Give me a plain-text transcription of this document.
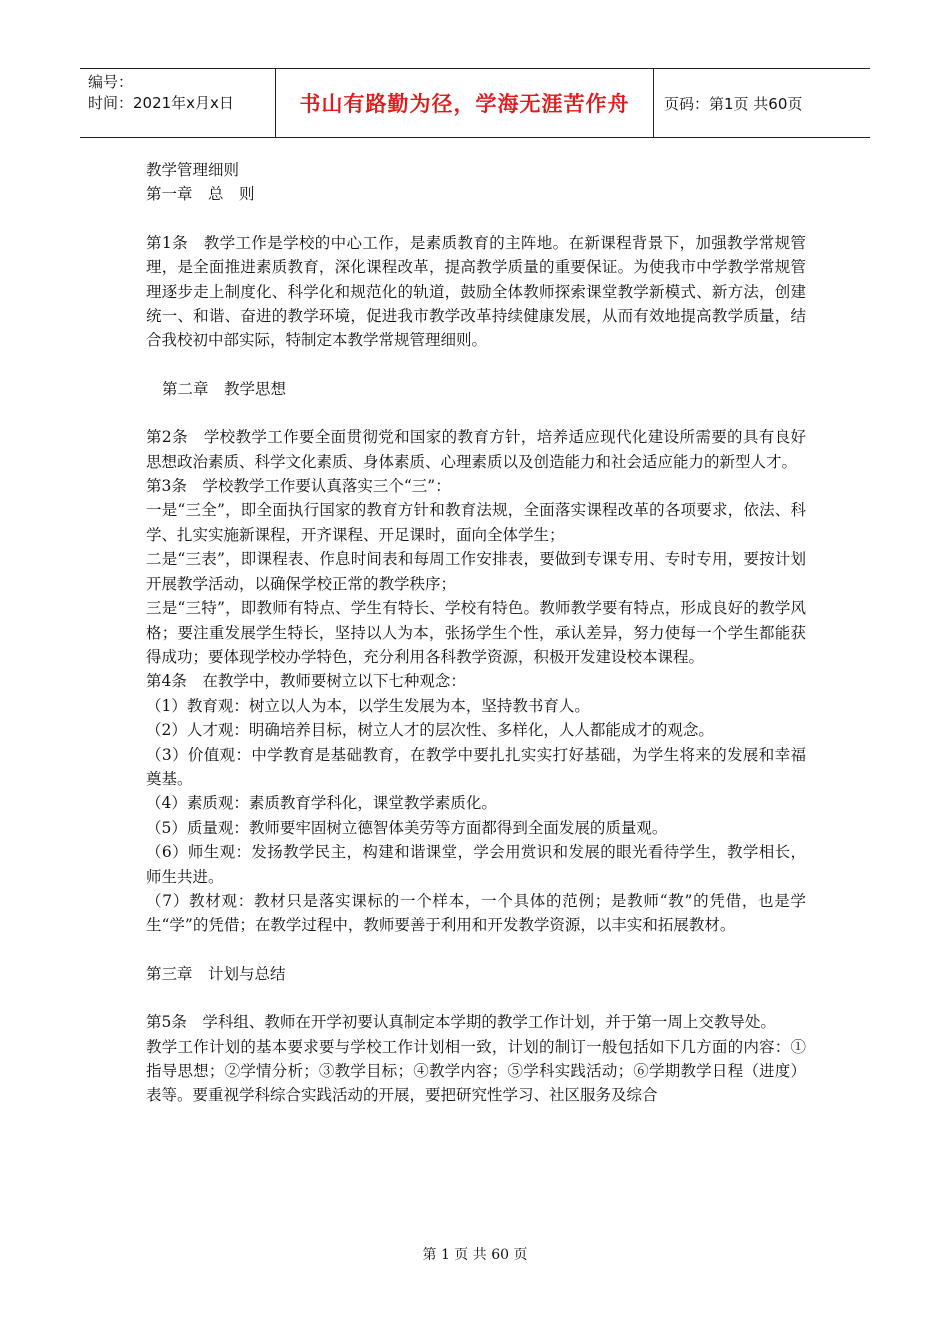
编号：
时间：2021年x月x日	书山有路勤为径，学海无涯苦作舟 页码：第1页 共60页

教学管理细则

第一章　总　则

第1条　教学工作是学校的中心工作，是素质教育的主阵地。在新课程背景下，加强教学常规管理，是全面推进素质教育，深化课程改革，提高教学质量的重要保证。为使我市中学教学常规管理逐步走上制度化、科学化和规范化的轨道，鼓励全体教师探索课堂教学新模式、新方法，创建统一、和谐、奋进的教学环境，促进我市教学改革持续健康发展，从而有效地提高教学质量，结合我校初中部实际，特制定本教学常规管理细则。

第二章　教学思想

第2条　学校教学工作要全面贯彻党和国家的教育方针，培养适应现代化建设所需要的具有良好思想政治素质、科学文化素质、身体素质、心理素质以及创造能力和社会适应能力的新型人才。

第3条　学校教学工作要认真落实三个“三”：

一是“三全”，即全面执行国家的教育方针和教育法规，全面落实课程改革的各项要求，依法、科学、扎实实施新课程，开齐课程、开足课时，面向全体学生；

二是“三表”，即课程表、作息时间表和每周工作安排表，要做到专课专用、专时专用，要按计划开展教学活动，以确保学校正常的教学秩序；

三是“三特”，即教师有特点、学生有特长、学校有特色。教师教学要有特点，形成良好的教学风格；要注重发展学生特长，坚持以人为本，张扬学生个性，承认差异，努力使每一个学生都能获得成功；要体现学校办学特色，充分利用各科教学资源，积极开发建设校本课程。

第4条　在教学中，教师要树立以下七种观念：

（1）教育观：树立以人为本，以学生发展为本，坚持教书育人。

（2）人才观：明确培养目标，树立人才的层次性、多样化，人人都能成才的观念。

（3）价值观：中学教育是基础教育，在教学中要扎扎实实打好基础，为学生将来的发展和幸福奠基。

（4）素质观：素质教育学科化，课堂教学素质化。

（5）质量观：教师要牢固树立德智体美劳等方面都得到全面发展的质量观。

（6）师生观：发扬教学民主，构建和谐课堂，学会用赏识和发展的眼光看待学生，教学相长，师生共进。

（7）教材观：教材只是落实课标的一个样本，一个具体的范例；是教师“教”的凭借，也是学生“学”的凭借；在教学过程中，教师要善于利用和开发教学资源，以丰实和拓展教材。

第三章　计划与总结

第5条　学科组、教师在开学初要认真制定本学期的教学工作计划，并于第一周上交教导处。

教学工作计划的基本要求要与学校工作计划相一致，计划的制订一般包括如下几方面的内容：①指导思想；②学情分析；③教学目标；④教学内容；⑤学科实践活动；⑥学期教学日程（进度）表等。要重视学科综合实践活动的开展，要把研究性学习、社区服务及综合

第 1 页 共 60 页
